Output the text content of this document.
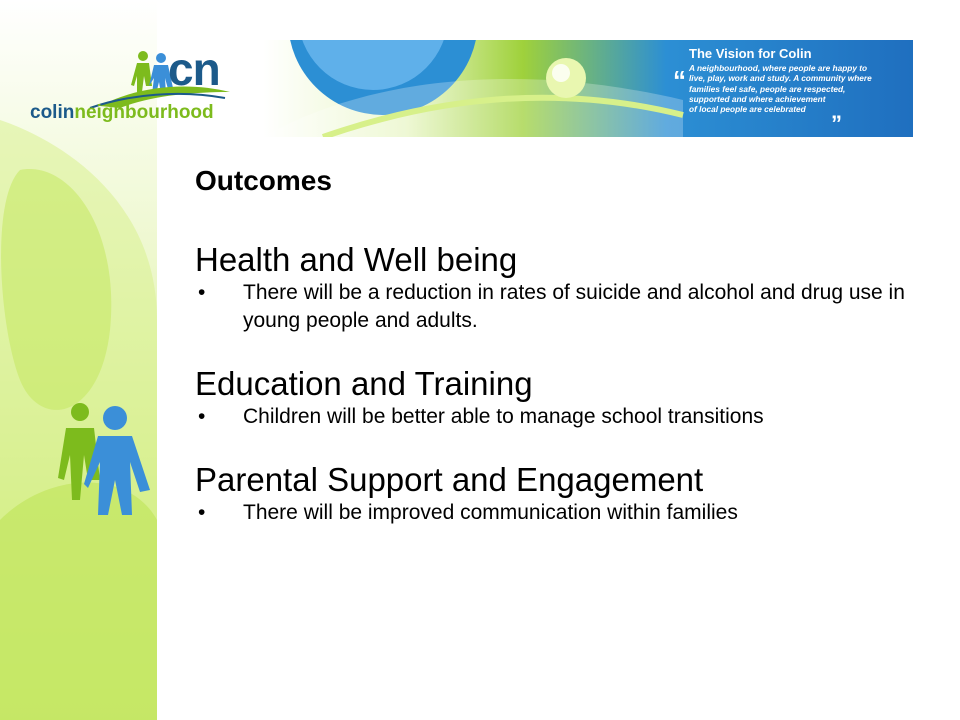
cn
colinneighbourhood
The Vision for Colin
“ A neighbourhood, where people are happy to
live, play, work and study. A community where
families feel safe, people are respected,
supported and where achievement
of local people are celebrated
”
Outcomes
Health and Well being
• There will be a reduction in rates of suicide and alcohol and drug use in young people and adults.
Education and Training
• Children will be better able to manage school transitions
Parental Support and Engagement
• There will be improved communication within families
